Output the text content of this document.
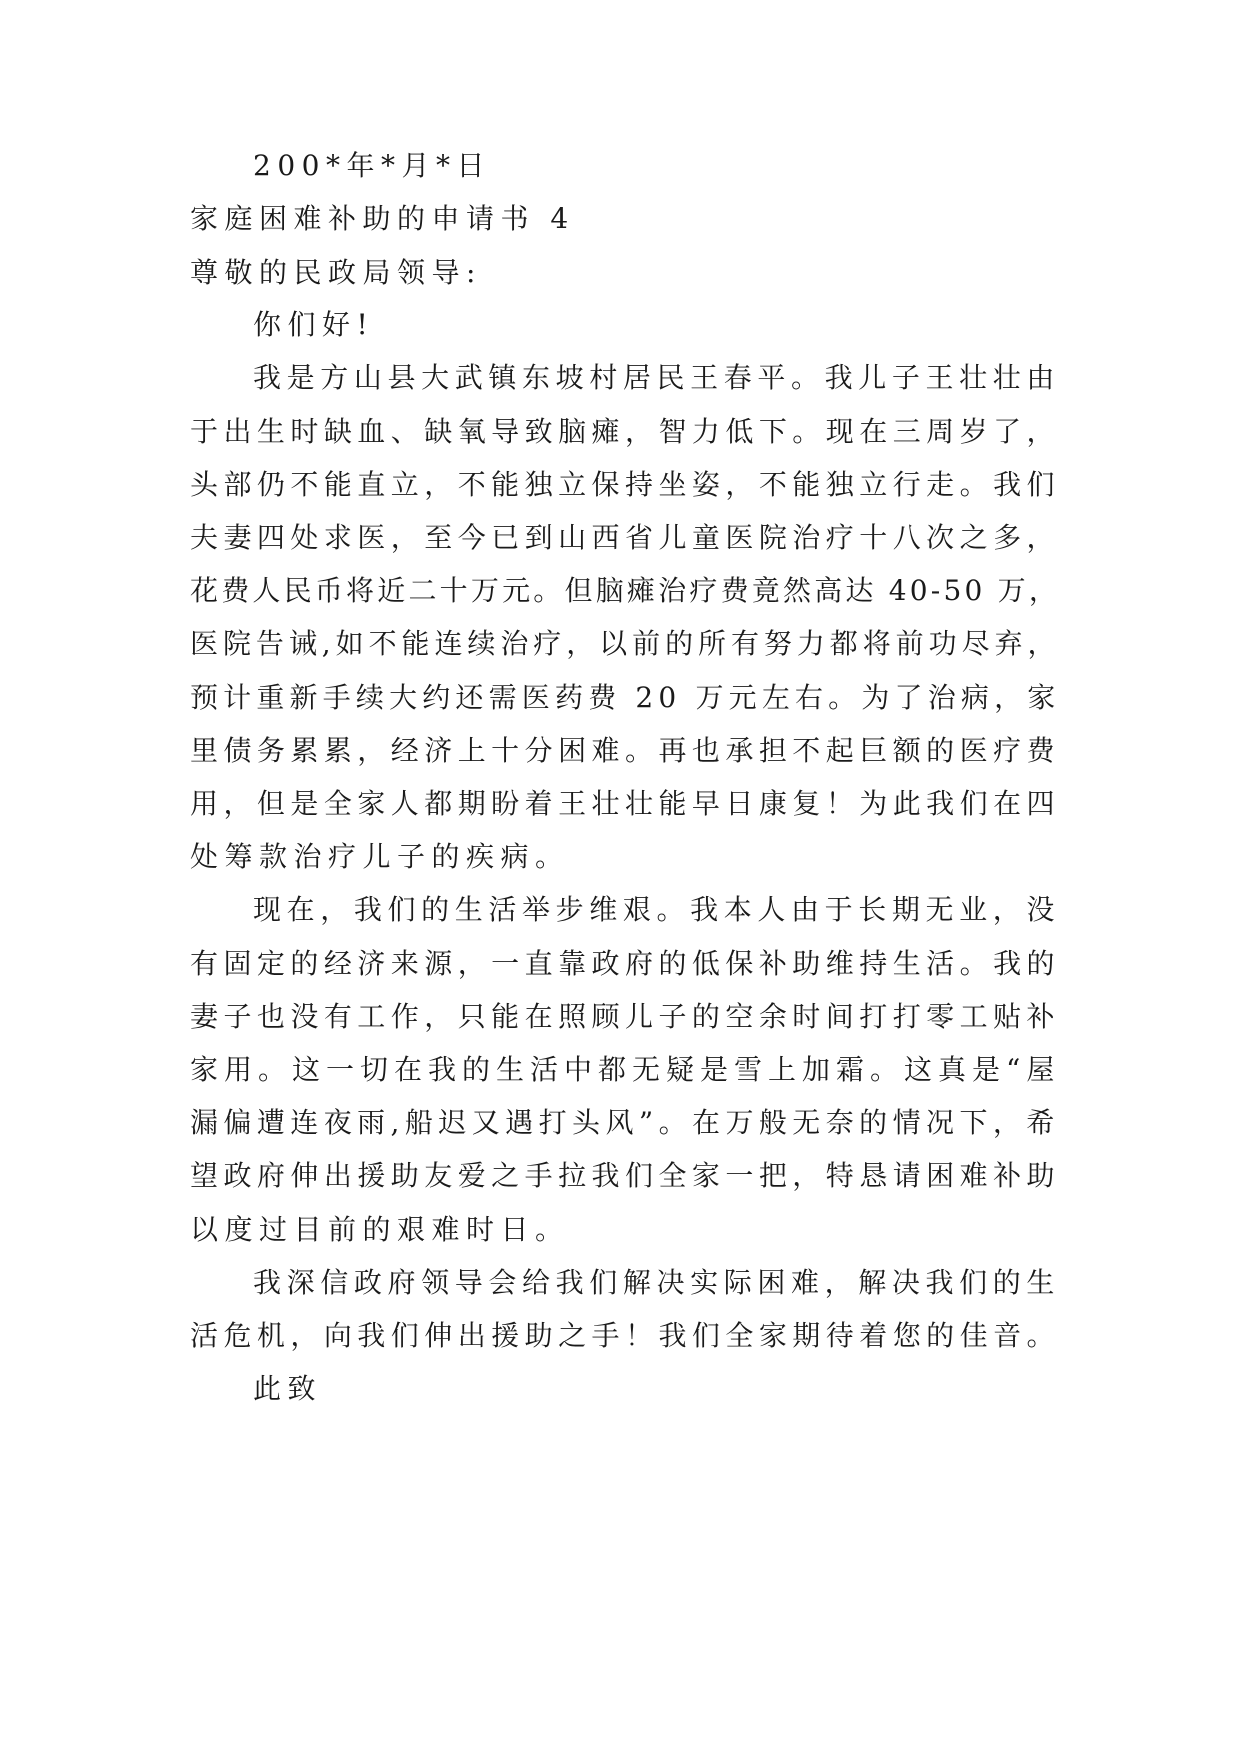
200*年*月*日
家庭困难补助的申请书 4
尊敬的民政局领导:
你们好!
我是方山县大武镇东坡村居民王春平。我儿子王壮壮由
于出生时缺血、缺氧导致脑瘫，智力低下。现在三周岁了，
头部仍不能直立，不能独立保持坐姿，不能独立行走。我们
夫妻四处求医，至今已到山西省儿童医院治疗十八次之多，
花费人民币将近二十万元。但脑瘫治疗费竟然高达 40-50 万，
医院告诫,如不能连续治疗，以前的所有努力都将前功尽弃，
预计重新手续大约还需医药费 20 万元左右。为了治病，家
里债务累累，经济上十分困难。再也承担不起巨额的医疗费
用，但是全家人都期盼着王壮壮能早日康复！为此我们在四
处筹款治疗儿子的疾病。
现在，我们的生活举步维艰。我本人由于长期无业，没
有固定的经济来源，一直靠政府的低保补助维持生活。我的
妻子也没有工作，只能在照顾儿子的空余时间打打零工贴补
家用。这一切在我的生活中都无疑是雪上加霜。这真是“屋
漏偏遭连夜雨,船迟又遇打头风”。在万般无奈的情况下，希
望政府伸出援助友爱之手拉我们全家一把，特恳请困难补助
以度过目前的艰难时日。
我深信政府领导会给我们解决实际困难，解决我们的生
活危机，向我们伸出援助之手！我们全家期待着您的佳音。
此致
